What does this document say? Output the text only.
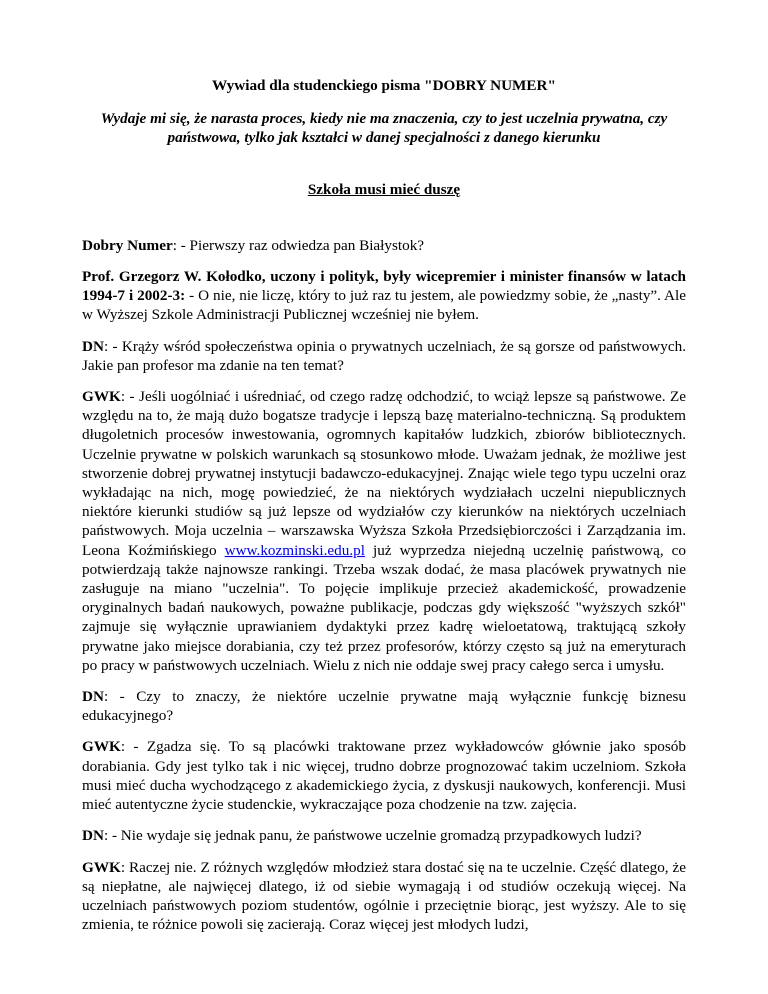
Wywiad dla studenckiego pisma "DOBRY NUMER"

Wydaje mi się, że narasta proces, kiedy nie ma znaczenia, czy to jest uczelnia prywatna, czy państwowa, tylko jak kształci w danej specjalności z danego kierunku

Szkoła musi mieć duszę

Dobry Numer: - Pierwszy raz odwiedza pan Białystok?

Prof. Grzegorz W. Kołodko, uczony i polityk, były wicepremier i minister finansów w latach 1994-7 i 2002-3: - O nie, nie liczę, który to już raz tu jestem, ale powiedzmy sobie, że „nasty”. Ale w Wyższej Szkole Administracji Publicznej wcześniej nie byłem.

DN: - Krąży wśród społeczeństwa opinia o prywatnych uczelniach, że są gorsze od państwowych. Jakie pan profesor ma zdanie na ten temat?

GWK: - Jeśli uogólniać i uśredniać, od czego radzę odchodzić, to wciąż lepsze są państwowe. Ze względu na to, że mają dużo bogatsze tradycje i lepszą bazę materialno-techniczną. Są produktem długoletnich procesów inwestowania, ogromnych kapitałów ludzkich, zbiorów bibliotecznych. Uczelnie prywatne w polskich warunkach są stosunkowo młode. Uważam jednak, że możliwe jest stworzenie dobrej prywatnej instytucji badawczo-edukacyjnej. Znając wiele tego typu uczelni oraz wykładając na nich, mogę powiedzieć, że na niektórych wydziałach uczelni niepublicznych niektóre kierunki studiów są już lepsze od wydziałów czy kierunków na niektórych uczelniach państwowych. Moja uczelnia – warszawska Wyższa Szkoła Przedsiębiorczości i Zarządzania im. Leona Koźmińskiego www.kozminski.edu.pl już wyprzedza niejedną uczelnię państwową, co potwierdzają także najnowsze rankingi. Trzeba wszak dodać, że masa placówek prywatnych nie zasługuje na miano "uczelnia". To pojęcie implikuje przecież akademickość, prowadzenie oryginalnych badań naukowych, poważne publikacje, podczas gdy większość "wyższych szkół" zajmuje się wyłącznie uprawianiem dydaktyki przez kadrę wieloetatową, traktującą szkoły prywatne jako miejsce dorabiania, czy też przez profesorów, którzy często są już na emeryturach po pracy w państwowych uczelniach. Wielu z nich nie oddaje swej pracy całego serca i umysłu.

DN: - Czy to znaczy, że niektóre uczelnie prywatne mają wyłącznie funkcję biznesu edukacyjnego?

GWK: - Zgadza się. To są placówki traktowane przez wykładowców głównie jako sposób dorabiania. Gdy jest tylko tak i nic więcej, trudno dobrze prognozować takim uczelniom. Szkoła musi mieć ducha wychodzącego z akademickiego życia, z dyskusji naukowych, konferencji. Musi mieć autentyczne życie studenckie, wykraczające poza chodzenie na tzw. zajęcia.

DN: - Nie wydaje się jednak panu, że państwowe uczelnie gromadzą przypadkowych ludzi?

GWK: Raczej nie. Z różnych względów młodzież stara dostać się na te uczelnie. Część dlatego, że są niepłatne, ale najwięcej dlatego, iż od siebie wymagają i od studiów oczekują więcej. Na uczelniach państwowych poziom studentów, ogólnie i przeciętnie biorąc, jest wyższy. Ale to się zmienia, te różnice powoli się zacierają. Coraz więcej jest młodych ludzi,
